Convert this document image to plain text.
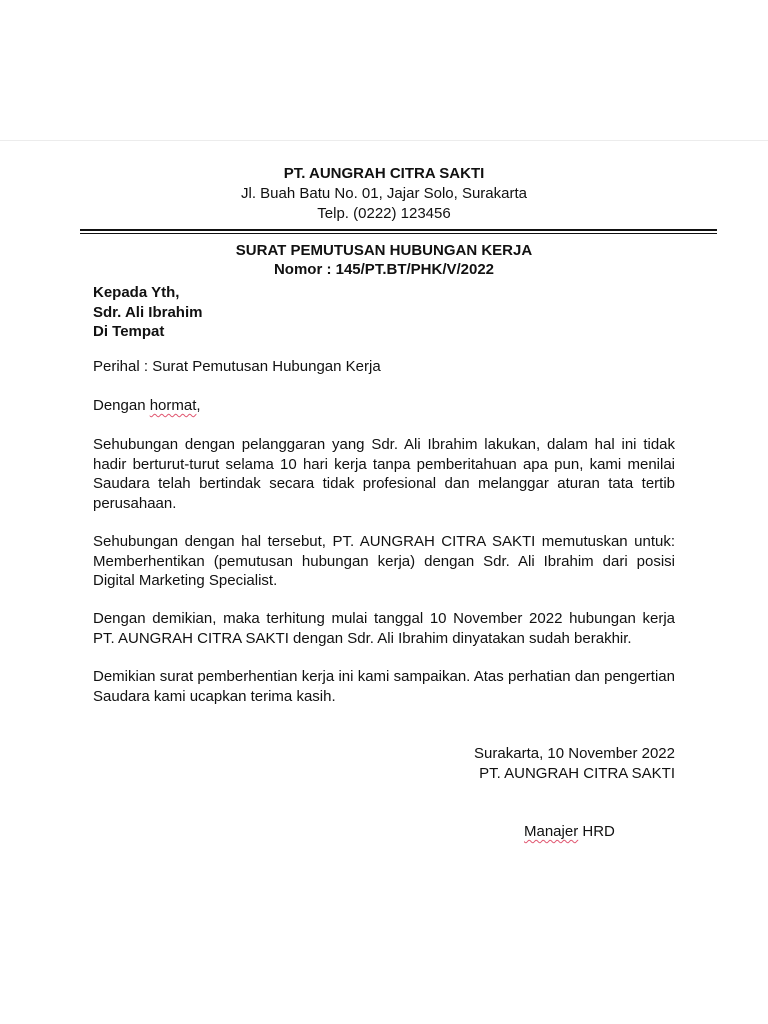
PT. AUNGRAH CITRA SAKTI
Jl. Buah Batu No. 01, Jajar Solo, Surakarta
Telp. (0222) 123456
SURAT PEMUTUSAN HUBUNGAN KERJA
Nomor : 145/PT.BT/PHK/V/2022
Kepada Yth,
Sdr. Ali Ibrahim
Di Tempat
Perihal : Surat Pemutusan Hubungan Kerja
Dengan hormat,
Sehubungan dengan pelanggaran yang Sdr. Ali Ibrahim lakukan, dalam hal ini tidak hadir berturut-turut selama 10 hari kerja tanpa pemberitahuan apa pun, kami menilai Saudara telah bertindak secara tidak profesional dan melanggar aturan tata tertib perusahaan.
Sehubungan dengan hal tersebut, PT. AUNGRAH CITRA SAKTI memutuskan untuk: Memberhentikan (pemutusan hubungan kerja) dengan Sdr. Ali Ibrahim dari posisi Digital Marketing Specialist.
Dengan demikian, maka terhitung mulai tanggal 10 November 2022 hubungan kerja PT. AUNGRAH CITRA SAKTI dengan Sdr. Ali Ibrahim dinyatakan sudah berakhir.
Demikian surat pemberhentian kerja ini kami sampaikan. Atas perhatian dan pengertian Saudara kami ucapkan terima kasih.
Surakarta, 10 November 2022
PT. AUNGRAH CITRA SAKTI
Manajer HRD
